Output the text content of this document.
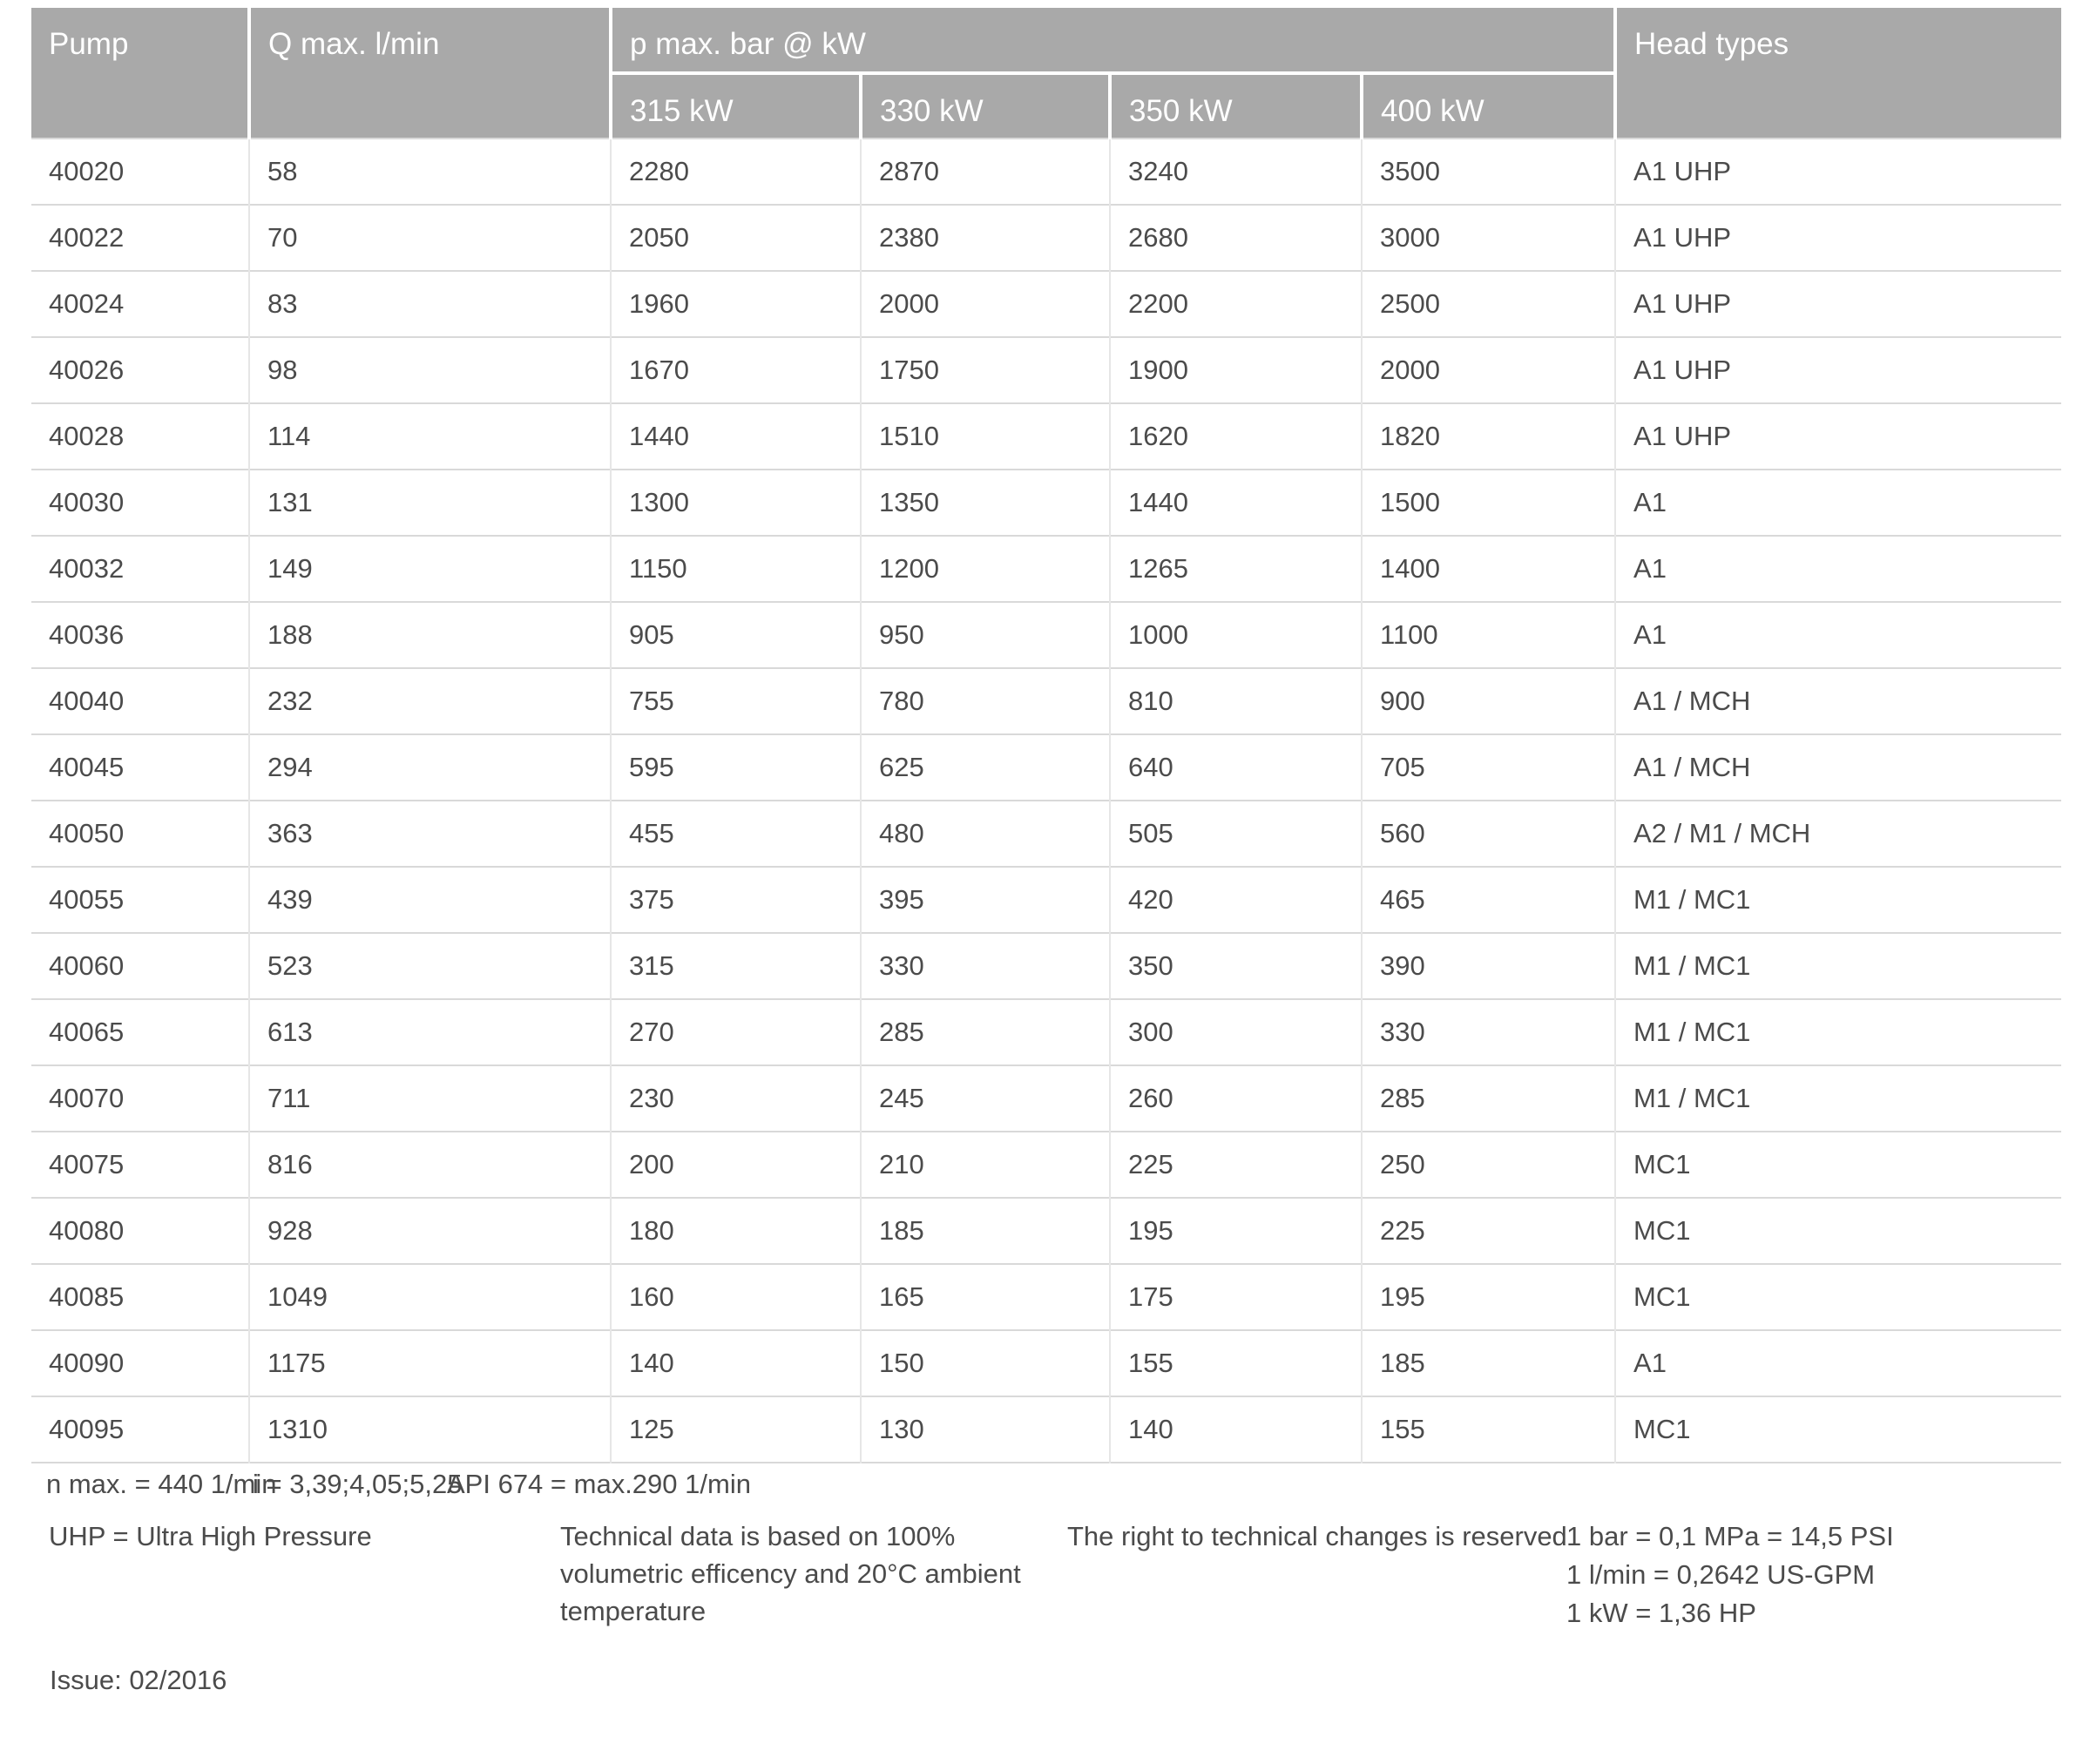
Pump	Q max. l/min	p max. bar @ kW				Head types
		315 kW	330 kW	350 kW	400 kW	
40020	58	2280	2870	3240	3500	A1 UHP
40022	70	2050	2380	2680	3000	A1 UHP
40024	83	1960	2000	2200	2500	A1 UHP
40026	98	1670	1750	1900	2000	A1 UHP
40028	114	1440	1510	1620	1820	A1 UHP
40030	131	1300	1350	1440	1500	A1
40032	149	1150	1200	1265	1400	A1
40036	188	905	950	1000	1100	A1
40040	232	755	780	810	900	A1 / MCH
40045	294	595	625	640	705	A1 / MCH
40050	363	455	480	505	560	A2 / M1 / MCH
40055	439	375	395	420	465	M1 / MC1
40060	523	315	330	350	390	M1 / MC1
40065	613	270	285	300	330	M1 / MC1
40070	711	230	245	260	285	M1 / MC1
40075	816	200	210	225	250	MC1
40080	928	180	185	195	225	MC1
40085	1049	160	165	175	195	MC1
40090	1175	140	150	155	185	A1
40095	1310	125	130	140	155	MC1
n max. = 440 1/min
i = 3,39;4,05;5,25
API 674 = max.290 1/min
UHP = Ultra High Pressure	Technical data is based on 100%
volumetric efficency and 20°C ambient
temperature
The right to technical changes is reserved 1 bar = 0,1 MPa = 14,5 PSI
1 l/min = 0,2642 US-GPM
1 kW = 1,36 HP
Issue: 02/2016
